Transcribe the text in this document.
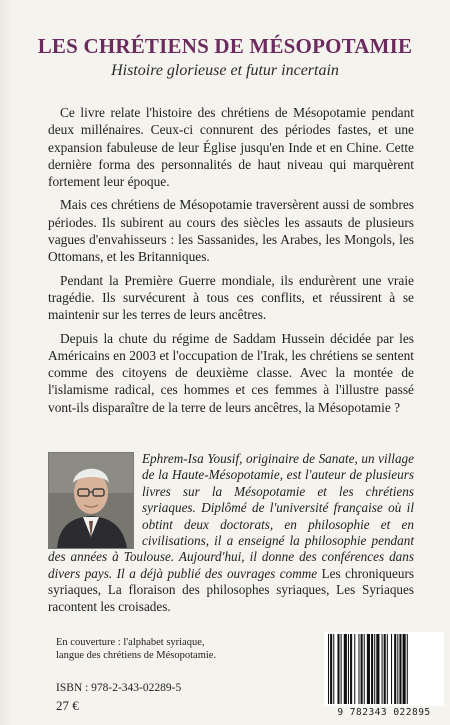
LES CHRÉTIENS DE MÉSOPOTAMIE
Histoire glorieuse et futur incertain

Ce livre relate l'histoire des chrétiens de Mésopotamie pendant deux millénaires. Ceux-ci connurent des périodes fastes, et une expansion fabuleuse de leur Église jusqu'en Inde et en Chine. Cette dernière forma des personnalités de haut niveau qui marquèrent fortement leur époque.

Mais ces chrétiens de Mésopotamie traversèrent aussi de sombres périodes. Ils subirent au cours des siècles les assauts de plusieurs vagues d'envahisseurs : les Sassanides, les Arabes, les Mongols, les Ottomans, et les Britanniques.

Pendant la Première Guerre mondiale, ils endurèrent une vraie tragédie. Ils survécurent à tous ces conflits, et réussirent à se maintenir sur les terres de leurs ancêtres.

Depuis la chute du régime de Saddam Hussein décidée par les Américains en 2003 et l'occupation de l'Irak, les chrétiens se sentent comme des citoyens de deuxième classe. Avec la montée de l'islamisme radical, ces hommes et ces femmes à l'illustre passé vont-ils disparaître de la terre de leurs ancêtres, la Mésopotamie ?

Ephrem-Isa Yousif, originaire de Sanate, un village de la Haute-Mésopotamie, est l'auteur de plusieurs livres sur la Mésopotamie et les chrétiens syriaques. Diplômé de l'université française où il obtint deux doctorats, en philosophie et en civilisations, il a enseigné la philosophie pendant des années à Toulouse. Aujourd'hui, il donne des conférences dans divers pays. Il a déjà publié des ouvrages comme Les chroniqueurs syriaques, La floraison des philosophes syriaques, Les Syriaques racontent les croisades.
En couverture : l'alphabet syriaque,
langue des chrétiens de Mésopotamie.
ISBN : 978-2-343-02289-5
27 €	9 782343 022895
